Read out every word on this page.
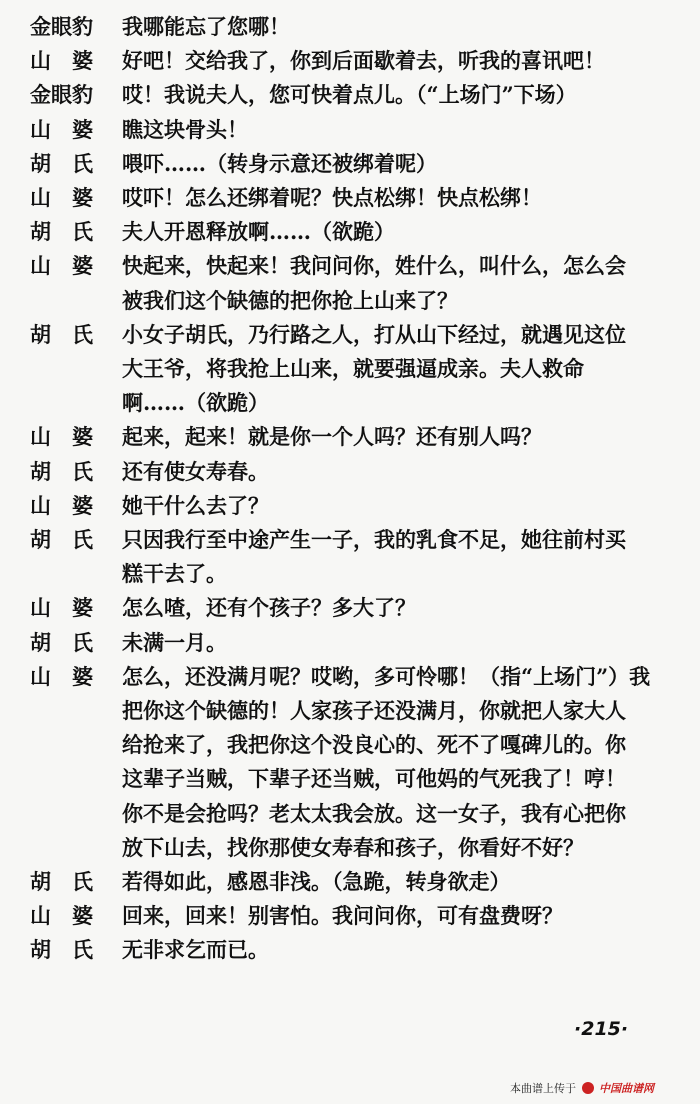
金眼豹	我哪能忘了您哪！
山　婆	好吧！交给我了，你到后面歇着去，听我的喜讯吧！
金眼豹	哎！我说夫人，您可快着点儿。（“上场门”下场）
山　婆	瞧这块骨头！
胡　氏	喂吓……（转身示意还被绑着呢）
山　婆	哎吓！怎么还绑着呢？快点松绑！快点松绑！
胡　氏	夫人开恩释放啊……（欲跪）
山　婆	快起来，快起来！我问问你，姓什么，叫什么，怎么会
被我们这个缺德的把你抢上山来了？
胡　氏	小女子胡氏，乃行路之人，打从山下经过，就遇见这位
大王爷，将我抢上山来，就要强逼成亲。夫人救命
啊……（欲跪）
山　婆	起来，起来！就是你一个人吗？还有别人吗？
胡　氏	还有使女寿春。
山　婆	她干什么去了？
胡　氏	只因我行至中途产生一子，我的乳食不足，她往前村买
糕干去了。
山　婆	怎么喳，还有个孩子？多大了？
胡　氏	未满一月。
山　婆	怎么，还没满月呢？哎哟，多可怜哪！（指“上场门”）我
把你这个缺德的！人家孩子还没满月，你就把人家大人
给抢来了，我把你这个没良心的、死不了嘎碑儿的。你
这辈子当贼，下辈子还当贼，可他妈的气死我了！哼！
你不是会抢吗？老太太我会放。这一女子，我有心把你
放下山去，找你那使女寿春和孩子，你看好不好？
胡　氏	若得如此，感恩非浅。（急跪，转身欲走）
山　婆	回来，回来！别害怕。我问问你，可有盘费呀？
胡　氏	无非求乞而已。
·215·
本曲谱上传于 中国曲谱网
